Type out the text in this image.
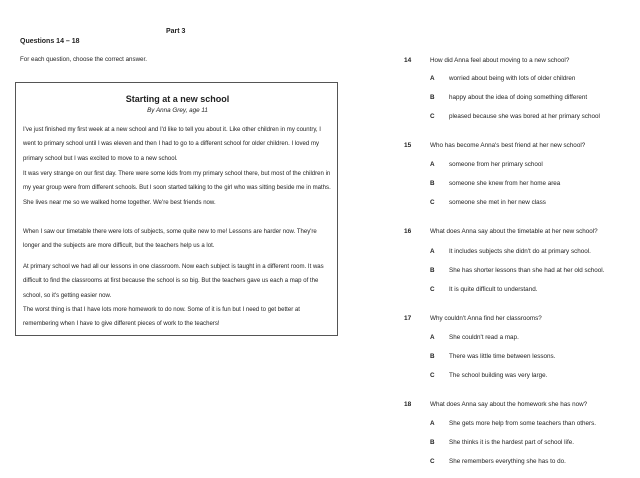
Part 3
Questions 14 – 18
For each question, choose the correct answer.
Starting at a new school
By Anna Grey, age 11
I've just finished my first week at a new school and I'd like to tell you about it. Like other children in my country, I went to primary school until I was eleven and then I had to go to a different school for older children. I loved my primary school but I was excited to move to a new school.
It was very strange on our first day. There were some kids from my primary school there, but most of the children in my year group were from different schools. But I soon started talking to the girl who was sitting beside me in maths. She lives near me so we walked home together. We're best friends now.
When I saw our timetable there were lots of subjects, some quite new to me! Lessons are harder now. They're longer and the subjects are more difficult, but the teachers help us a lot.
At primary school we had all our lessons in one classroom. Now each subject is taught in a different room. It was difficult to find the classrooms at first because the school is so big. But the teachers gave us each a map of the school, so it's getting easier now.
The worst thing is that I have lots more homework to do now. Some of it is fun but I need to get better at remembering when I have to give different pieces of work to the teachers!
14	How did Anna feel about moving to a new school?
A worried about being with lots of older children
B happy about the idea of doing something different
C pleased because she was bored at her primary school
15	Who has become Anna's best friend at her new school?
A someone from her primary school
B someone she knew from her home area
C someone she met in her new class
16	What does Anna say about the timetable at her new school?
A It includes subjects she didn't do at primary school.
B She has shorter lessons than she had at her old school.
C It is quite difficult to understand.
17	Why couldn't Anna find her classrooms?
A She couldn't read a map.
B There was little time between lessons.
C The school building was very large.
18	What does Anna say about the homework she has now?
A She gets more help from some teachers than others.
B She thinks it is the hardest part of school life.
C She remembers everything she has to do.
